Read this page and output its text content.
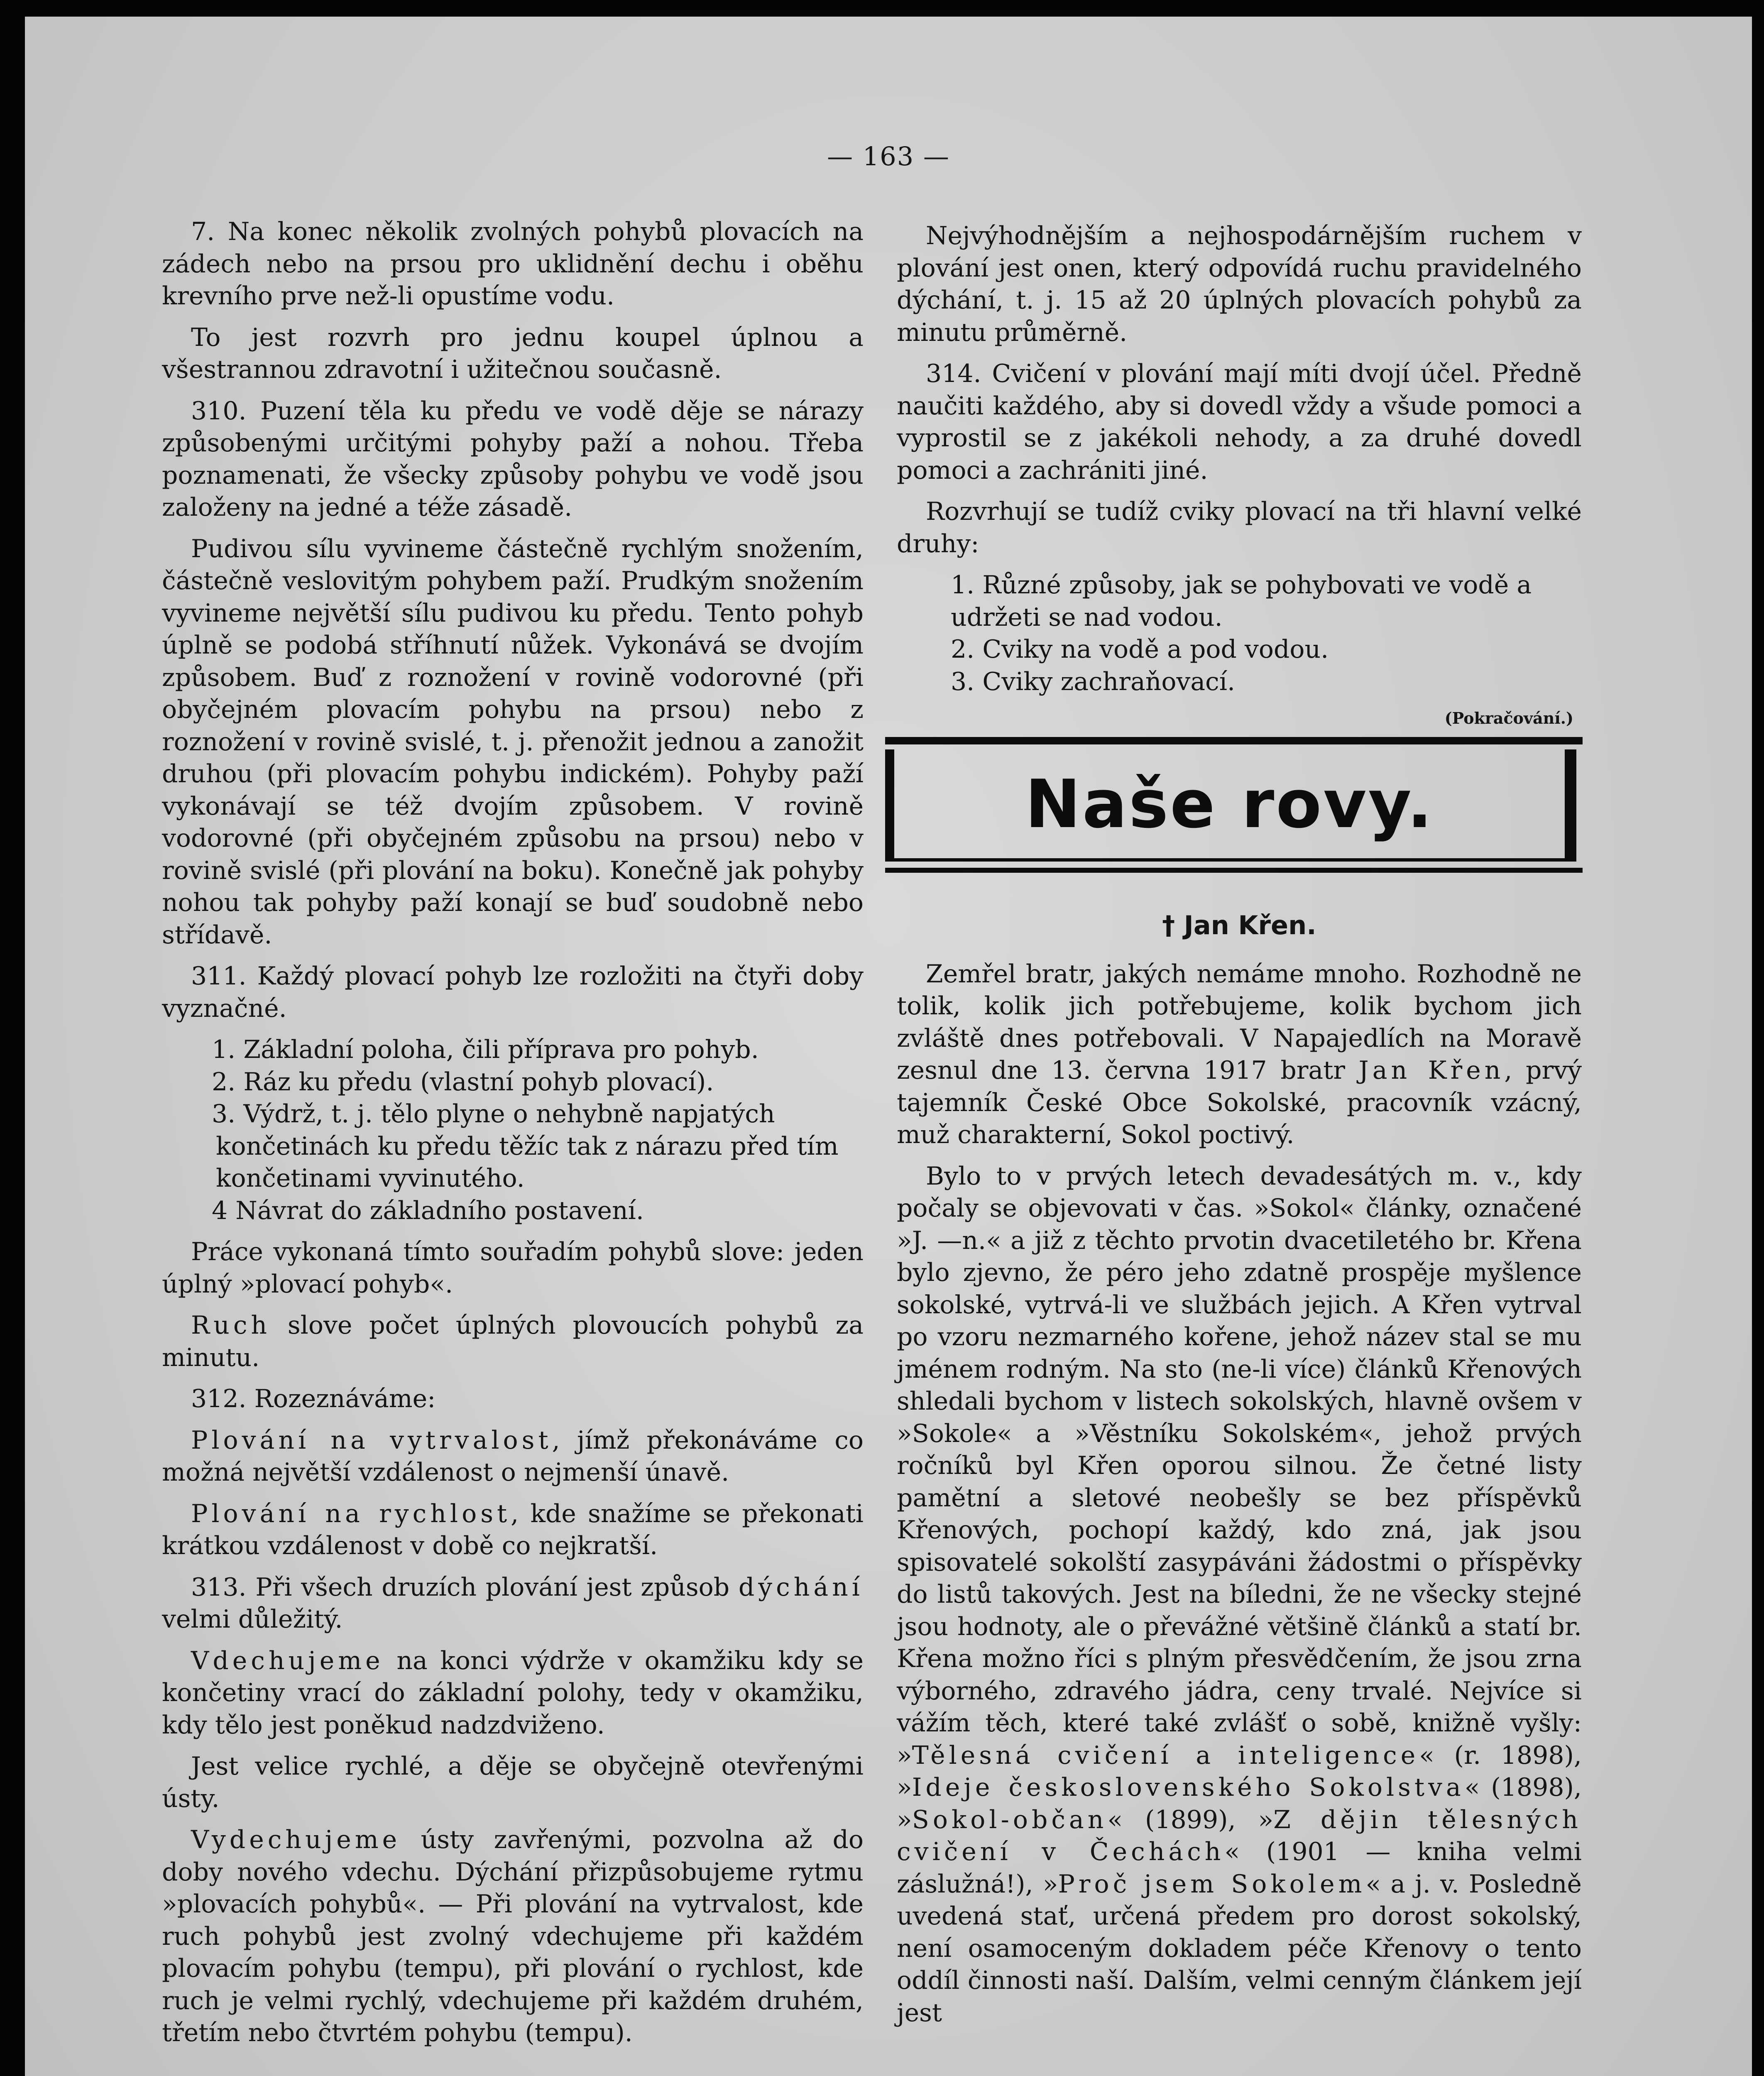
— 163 —

7. Na konec několik zvolných pohybů plovacích na zádech nebo na prsou pro uklidnění dechu i oběhu krevního prve než-li opustíme vodu.

To jest rozvrh pro jednu koupel úplnou a všestrannou zdravotní i užitečnou současně.

310. Puzení těla ku předu ve vodě děje se nárazy způsobenými určitými pohyby paží a nohou. Třeba poznamenati, že všecky způsoby pohybu ve vodě jsou založeny na jedné a téže zásadě.

Pudivou sílu vyvineme částečně rychlým snožením, částečně veslovitým pohybem paží. Prudkým snožením vyvineme největší sílu pudivou ku předu. Tento pohyb úplně se podobá stříhnutí nůžek. Vykonává se dvojím způsobem. Buď z roznožení v rovině vodorovné (při obyčejném plovacím pohybu na prsou) nebo z roznožení v rovině svislé, t. j. přenožit jednou a zanožit druhou (při plovacím pohybu indickém). Pohyby paží vykonávají se též dvojím způsobem. V rovině vodorovné (při obyčejném způsobu na prsou) nebo v rovině svislé (při plování na boku). Konečně jak pohyby nohou tak pohyby paží konají se buď soudobně nebo střídavě.

311. Každý plovací pohyb lze rozložiti na čtyři doby vyznačné.

1. Základní poloha, čili příprava pro pohyb.

2. Ráz ku předu (vlastní pohyb plovací).

3. Výdrž, t. j. tělo plyne o nehybně napjatých končetinách ku předu těžíc tak z nárazu před tím končetinami vyvinutého.

4 Návrat do základního postavení.

Práce vykonaná tímto souřadím pohybů slove: jeden úplný »plovací pohyb«.

Ruch slove počet úplných plovoucích pohybů za minutu.

312. Rozeznáváme:

Plování na vytrvalost, jímž překonáváme co možná největší vzdálenost o nejmenší únavě.

Plování na rychlost, kde snažíme se překonati krátkou vzdálenost v době co nejkratší.

313. Při všech druzích plování jest způsob dýchání velmi důležitý.

Vdechujeme na konci výdrže v okamžiku kdy se končetiny vrací do základní polohy, tedy v okamžiku, kdy tělo jest poněkud nadzdviženo.

Jest velice rychlé, a děje se obyčejně otevřenými ústy.

Vydechujeme ústy zavřenými, pozvolna až do doby nového vdechu. Dýchání přizpůsobujeme rytmu »plovacích pohybů«. — Při plování na vytrvalost, kde ruch pohybů jest zvolný vdechujeme při každém plovacím pohybu (tempu), při plování o rychlost, kde ruch je velmi rychlý, vdechujeme při každém druhém, třetím nebo čtvrtém pohybu (tempu).

Nejvýhodnějším a nejhospodárnějším ruchem v plování jest onen, který odpovídá ruchu pravidelného dýchání, t. j. 15 až 20 úplných plovacích pohybů za minutu průměrně.

314. Cvičení v plování mají míti dvojí účel. Předně naučiti každého, aby si dovedl vždy a všude pomoci a vyprostil se z jakékoli nehody, a za druhé dovedl pomoci a zachrániti jiné.

Rozvrhují se tudíž cviky plovací na tři hlavní velké druhy:

1. Různé způsoby, jak se pohybovati ve vodě a udržeti se nad vodou.

2. Cviky na vodě a pod vodou.

3. Cviky zachraňovací.

(Pokračování.)
Naše rovy.
† Jan Křen.

Zemřel bratr, jakých nemáme mnoho. Rozhodně ne tolik, kolik jich potřebujeme, kolik bychom jich zvláště dnes potřebovali. V Napajedlích na Moravě zesnul dne 13. června 1917 bratr Jan Křen, prvý tajemník České Obce Sokolské, pracovník vzácný, muž charakterní, Sokol poctivý.

Bylo to v prvých letech devadesátých m. v., kdy počaly se objevovati v čas. »Sokol« články, označené »J. —n.« a již z těchto prvotin dvacetiletého br. Křena bylo zjevno, že péro jeho zdatně prospěje myšlence sokolské, vytrvá-li ve službách jejich. A Křen vytrval po vzoru nezmarného kořene, jehož název stal se mu jménem rodným. Na sto (ne-li více) článků Křenových shledali bychom v listech sokolských, hlavně ovšem v »Sokole« a »Věstníku Sokolském«, jehož prvých ročníků byl Křen oporou silnou. Že četné listy pamětní a sletové neobešly se bez příspěvků Křenových, pochopí každý, kdo zná, jak jsou spisovatelé sokolští zasypáváni žádostmi o příspěvky do listů takových. Jest na bíledni, že ne všecky stejné jsou hodnoty, ale o převážné většině článků a statí br. Křena možno říci s plným přesvědčením, že jsou zrna výborného, zdravého jádra, ceny trvalé. Nejvíce si vážím těch, které také zvlášť o sobě, knižně vyšly: »Tělesná cvičení a inteligence« (r. 1898), »Ideje československého Sokolstva« (1898), »Sokol-občan« (1899), »Z dějin tělesných cvičení v Čechách« (1901 — kniha velmi záslužná!), »Proč jsem Sokolem« a j. v. Posledně uvedená stať, určená předem pro dorost sokolský, není osamoceným dokladem péče Křenovy o tento oddíl činnosti naší. Dalším, velmi cenným článkem její jest
